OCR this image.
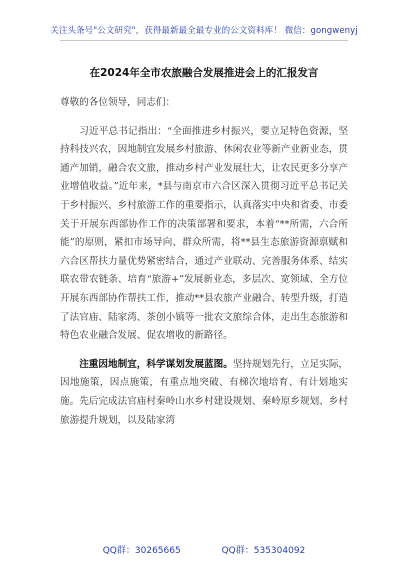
关注头条号"公文研究"，获得最新最全最专业的公文资料库！ 微信：gongwenyj
在2024年全市农旅融合发展推进会上的汇报发言

尊敬的各位领导，同志们：

习近平总书记指出：“全面推进乡村振兴，要立足特色资源，坚持科技兴农，因地制宜发展乡村旅游、休闲农业等新产业新业态，贯通产加销，融合农文旅，推动乡村产业发展壮大，让农民更多分享产业增值收益。”近年来，*县与南京市六合区深入贯彻习近平总书记关于乡村振兴、乡村旅游工作的重要指示，认真落实中央和省委、市委关于开展东西部协作工作的决策部署和要求，本着“**所需，六合所能”的原则，紧扣市场导向、群众所需，将**县生态旅游资源禀赋和六合区帮扶力量优势紧密结合，通过产业联动、完善服务体系、结实联农带农链条、培育“旅游+”发展新业态，多层次、宽领域、全方位开展东西部协作帮扶工作，推动**县农旅产业融合、转型升级，打造了法官庙、陆家湾、茶创小镇等一批农文旅综合体，走出生态旅游和特色农业融合发展、促农增收的新路径。

注重因地制宜，科学谋划发展蓝图。坚持规划先行，立足实际，因地施策，因点施策，有重点地突破、有梯次地培育、有计划地实施。先后完成法官庙村秦岭山水乡村建设规划、秦岭原乡规划、乡村旅游提升规划，以及陆家湾

QQ群：30265665	QQ群：535304092
